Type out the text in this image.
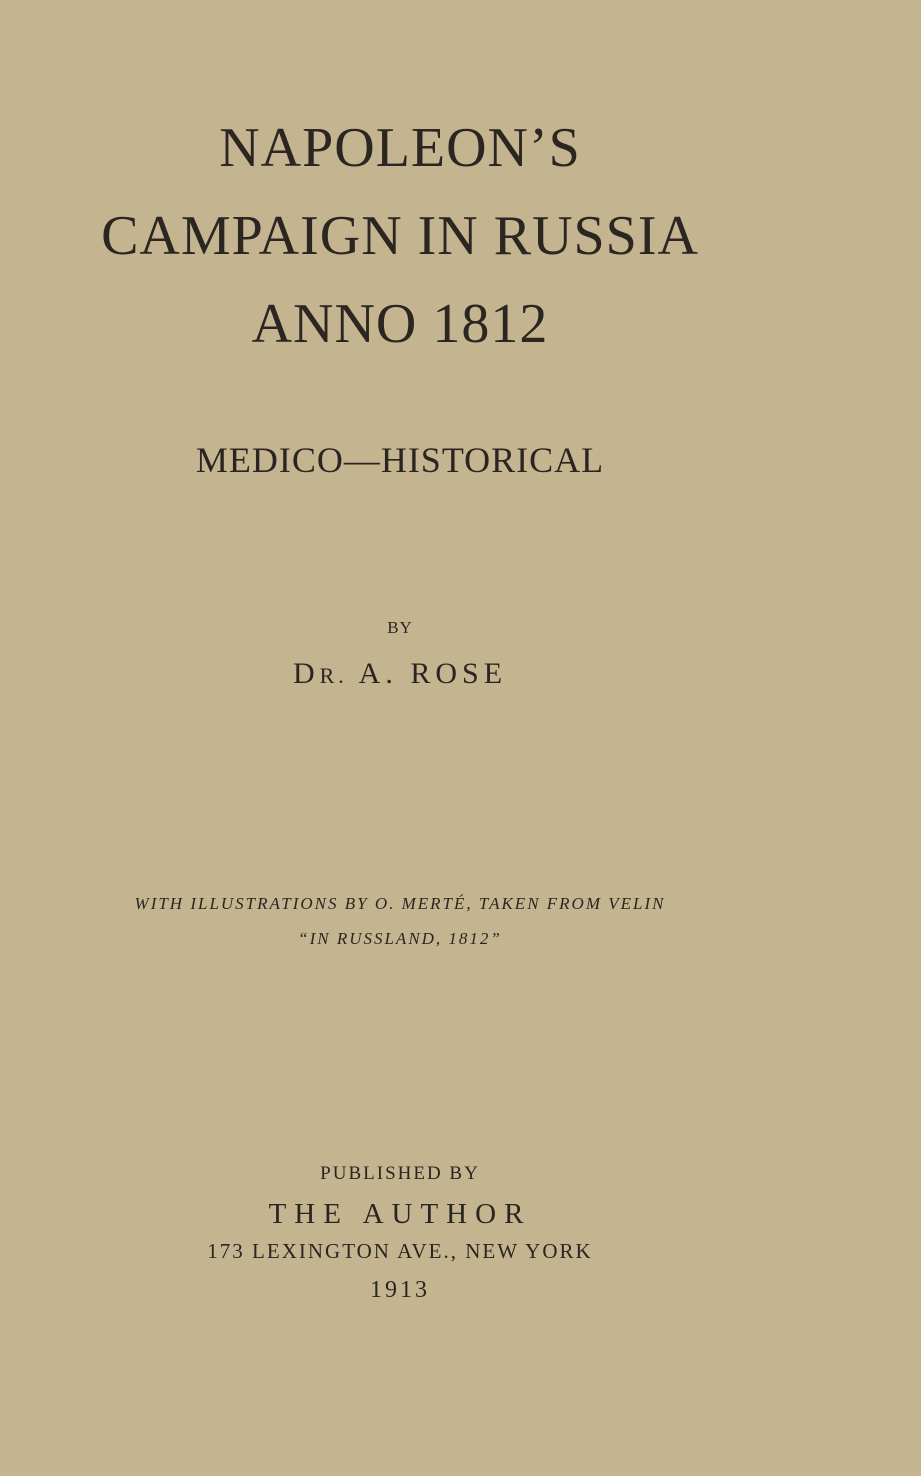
NAPOLEON’S
CAMPAIGN IN RUSSIA
ANNO 1812
MEDICO—HISTORICAL
BY
DR. A. ROSE
WITH ILLUSTRATIONS BY O. MERTÉ, TAKEN FROM VELIN
“IN RUSSLAND, 1812”
PUBLISHED BY
THE AUTHOR
173 LEXINGTON AVE., NEW YORK
1913
